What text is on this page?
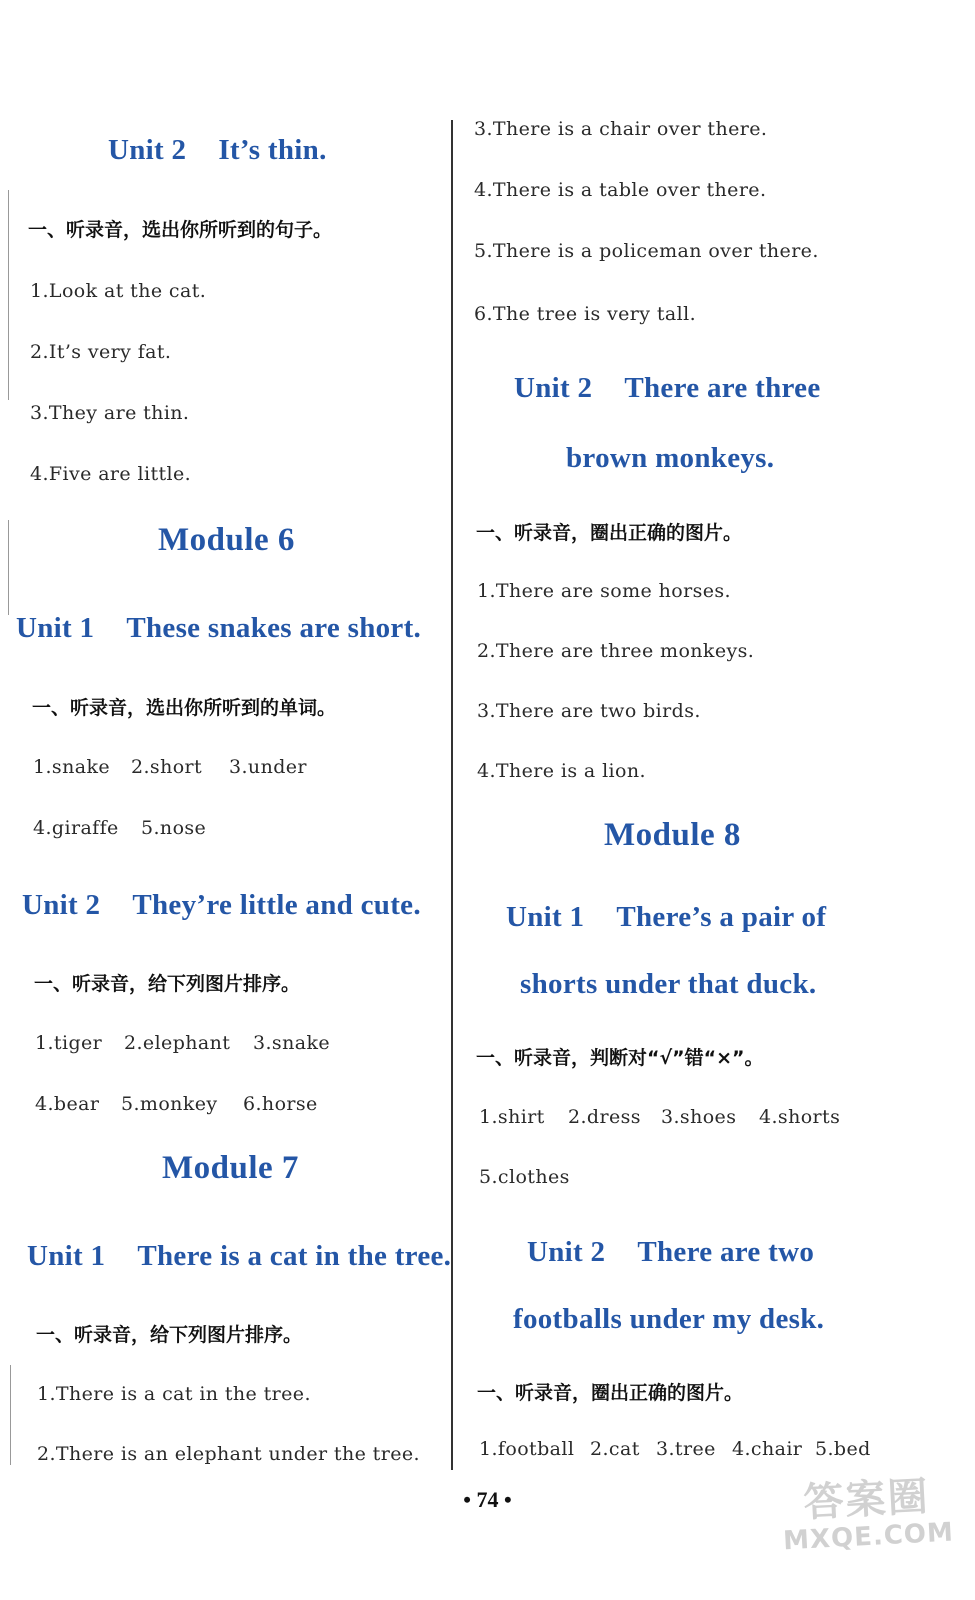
Unit 2 It’s thin.
一、听录音，选出你所听到的句子。
1.Look at the cat.
2.It’s very fat.
3.They are thin.
4.Five are little.
Module 6
Unit 1 These snakes are short.
一、听录音，选出你所听到的单词。
1.snake 2.short 3.under
4.giraffe 5.nose
Unit 2 They’re little and cute.
一、听录音，给下列图片排序。
1.tiger 2.elephant 3.snake
4.bear 5.monkey 6.horse
Module 7
Unit 1 There is a cat in the tree.
一、听录音，给下列图片排序。
1.There is a cat in the tree.
2.There is an elephant under the tree.
3.There is a chair over there.
4.There is a table over there.
5.There is a policeman over there.
6.The tree is very tall.
Unit 2 There are three
brown monkeys.
一、听录音，圈出正确的图片。
1.There are some horses.
2.There are three monkeys.
3.There are two birds.
4.There is a lion.
Module 8
Unit 1 There’s a pair of
shorts under that duck.
一、听录音，判断对“√”错“×”。
1.shirt 2.dress 3.shoes 4.shorts
5.clothes
Unit 2 There are two
footballs under my desk.
一、听录音，圈出正确的图片。
1.football 2.cat 3.tree 4.chair 5.bed
• 74 •	答案圈
MXQE.COM
